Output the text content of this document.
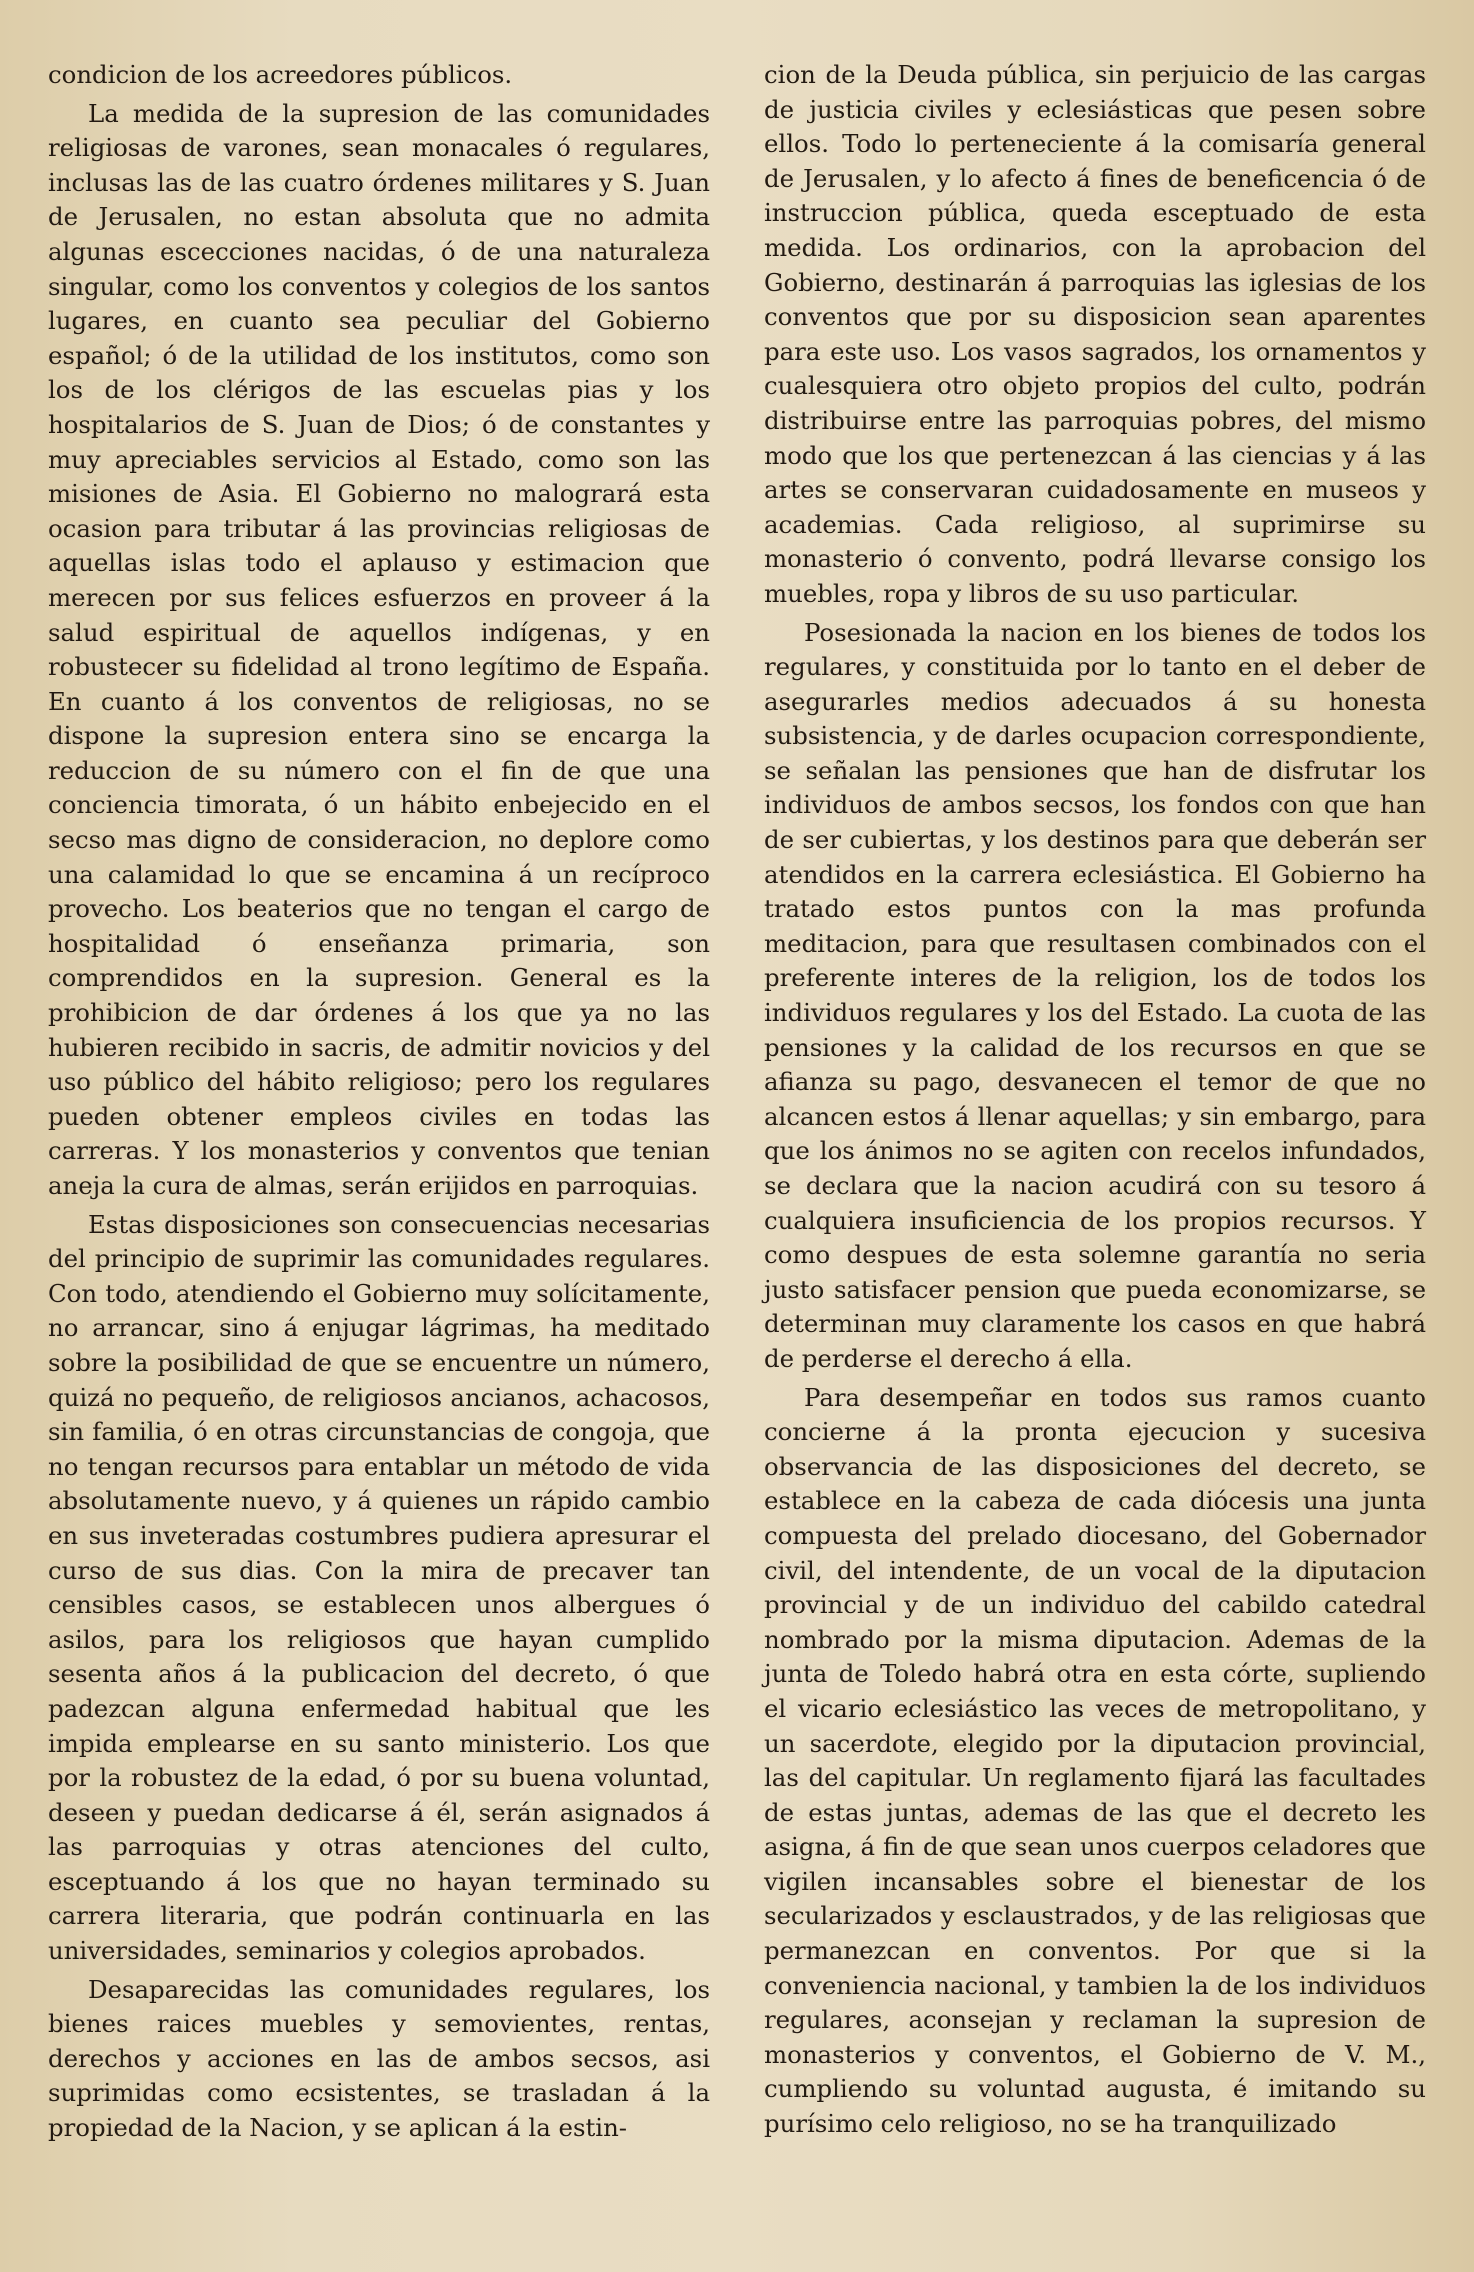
condicion de los acreedores públicos.

La medida de la supresion de las comunidades religiosas de varones, sean monacales ó regulares, inclusas las de las cuatro órdenes militares y S. Juan de Jerusalen, no estan absoluta que no admita algunas escecciones nacidas, ó de una naturaleza singular, como los conventos y colegios de los santos lugares, en cuanto sea peculiar del Gobierno español; ó de la utilidad de los institutos, como son los de los clérigos de las escuelas pias y los hospitalarios de S. Juan de Dios; ó de constantes y muy apreciables servicios al Estado, como son las misiones de Asia. El Gobierno no malogrará esta ocasion para tributar á las provincias religiosas de aquellas islas todo el aplauso y estimacion que merecen por sus felices esfuerzos en proveer á la salud espiritual de aquellos indígenas, y en robustecer su fidelidad al trono legítimo de España. En cuanto á los conventos de religiosas, no se dispone la supresion entera sino se encarga la reduccion de su número con el fin de que una conciencia timorata, ó un hábito enbejecido en el secso mas digno de consideracion, no deplore como una calamidad lo que se encamina á un recíproco provecho. Los beaterios que no tengan el cargo de hospitalidad ó enseñanza primaria, son comprendidos en la supresion. General es la prohibicion de dar órdenes á los que ya no las hubieren recibido in sacris, de admitir novicios y del uso público del hábito religioso; pero los regulares pueden obtener empleos civiles en todas las carreras. Y los monasterios y conventos que tenian aneja la cura de almas, serán erijidos en parroquias.

Estas disposiciones son consecuencias necesarias del principio de suprimir las comunidades regulares. Con todo, atendiendo el Gobierno muy solícitamente, no arrancar, sino á enjugar lágrimas, ha meditado sobre la posibilidad de que se encuentre un número, quizá no pequeño, de religiosos ancianos, achacosos, sin familia, ó en otras circunstancias de congoja, que no tengan recursos para entablar un método de vida absolutamente nuevo, y á quienes un rápido cambio en sus inveteradas costumbres pudiera apresurar el curso de sus dias. Con la mira de precaver tan censibles casos, se establecen unos albergues ó asilos, para los religiosos que hayan cumplido sesenta años á la publicacion del decreto, ó que padezcan alguna enfermedad habitual que les impida emplearse en su santo ministerio. Los que por la robustez de la edad, ó por su buena voluntad, deseen y puedan dedicarse á él, serán asignados á las parroquias y otras atenciones del culto, esceptuando á los que no hayan terminado su carrera literaria, que podrán continuarla en las universidades, seminarios y colegios aprobados.

Desaparecidas las comunidades regulares, los bienes raices muebles y semovientes, rentas, derechos y acciones en las de ambos secsos, asi suprimidas como ecsistentes, se trasladan á la propiedad de la Nacion, y se aplican á la estin-

cion de la Deuda pública, sin perjuicio de las cargas de justicia civiles y eclesiásticas que pesen sobre ellos. Todo lo perteneciente á la comisaría general de Jerusalen, y lo afecto á fines de beneficencia ó de instruccion pública, queda esceptuado de esta medida. Los ordinarios, con la aprobacion del Gobierno, destinarán á parroquias las iglesias de los conventos que por su disposicion sean aparentes para este uso. Los vasos sagrados, los ornamentos y cualesquiera otro objeto propios del culto, podrán distribuirse entre las parroquias pobres, del mismo modo que los que pertenezcan á las ciencias y á las artes se conservaran cuidadosamente en museos y academias. Cada religioso, al suprimirse su monasterio ó convento, podrá llevarse consigo los muebles, ropa y libros de su uso particular.

Posesionada la nacion en los bienes de todos los regulares, y constituida por lo tanto en el deber de asegurarles medios adecuados á su honesta subsistencia, y de darles ocupacion correspondiente, se señalan las pensiones que han de disfrutar los individuos de ambos secsos, los fondos con que han de ser cubiertas, y los destinos para que deberán ser atendidos en la carrera eclesiástica. El Gobierno ha tratado estos puntos con la mas profunda meditacion, para que resultasen combinados con el preferente interes de la religion, los de todos los individuos regulares y los del Estado. La cuota de las pensiones y la calidad de los recursos en que se afianza su pago, desvanecen el temor de que no alcancen estos á llenar aquellas; y sin embargo, para que los ánimos no se agiten con recelos infundados, se declara que la nacion acudirá con su tesoro á cualquiera insuficiencia de los propios recursos. Y como despues de esta solemne garantía no seria justo satisfacer pension que pueda economizarse, se determinan muy claramente los casos en que habrá de perderse el derecho á ella.

Para desempeñar en todos sus ramos cuanto concierne á la pronta ejecucion y sucesiva observancia de las disposiciones del decreto, se establece en la cabeza de cada diócesis una junta compuesta del prelado diocesano, del Gobernador civil, del intendente, de un vocal de la diputacion provincial y de un individuo del cabildo catedral nombrado por la misma diputacion. Ademas de la junta de Toledo habrá otra en esta córte, supliendo el vicario eclesiástico las veces de metropolitano, y un sacerdote, elegido por la diputacion provincial, las del capitular. Un reglamento fijará las facultades de estas juntas, ademas de las que el decreto les asigna, á fin de que sean unos cuerpos celadores que vigilen incansables sobre el bienestar de los secularizados y esclaustrados, y de las religiosas que permanezcan en conventos. Por que si la conveniencia nacional, y tambien la de los individuos regulares, aconsejan y reclaman la supresion de monasterios y conventos, el Gobierno de V. M., cumpliendo su voluntad augusta, é imitando su purísimo celo religioso, no se ha tranquilizado
